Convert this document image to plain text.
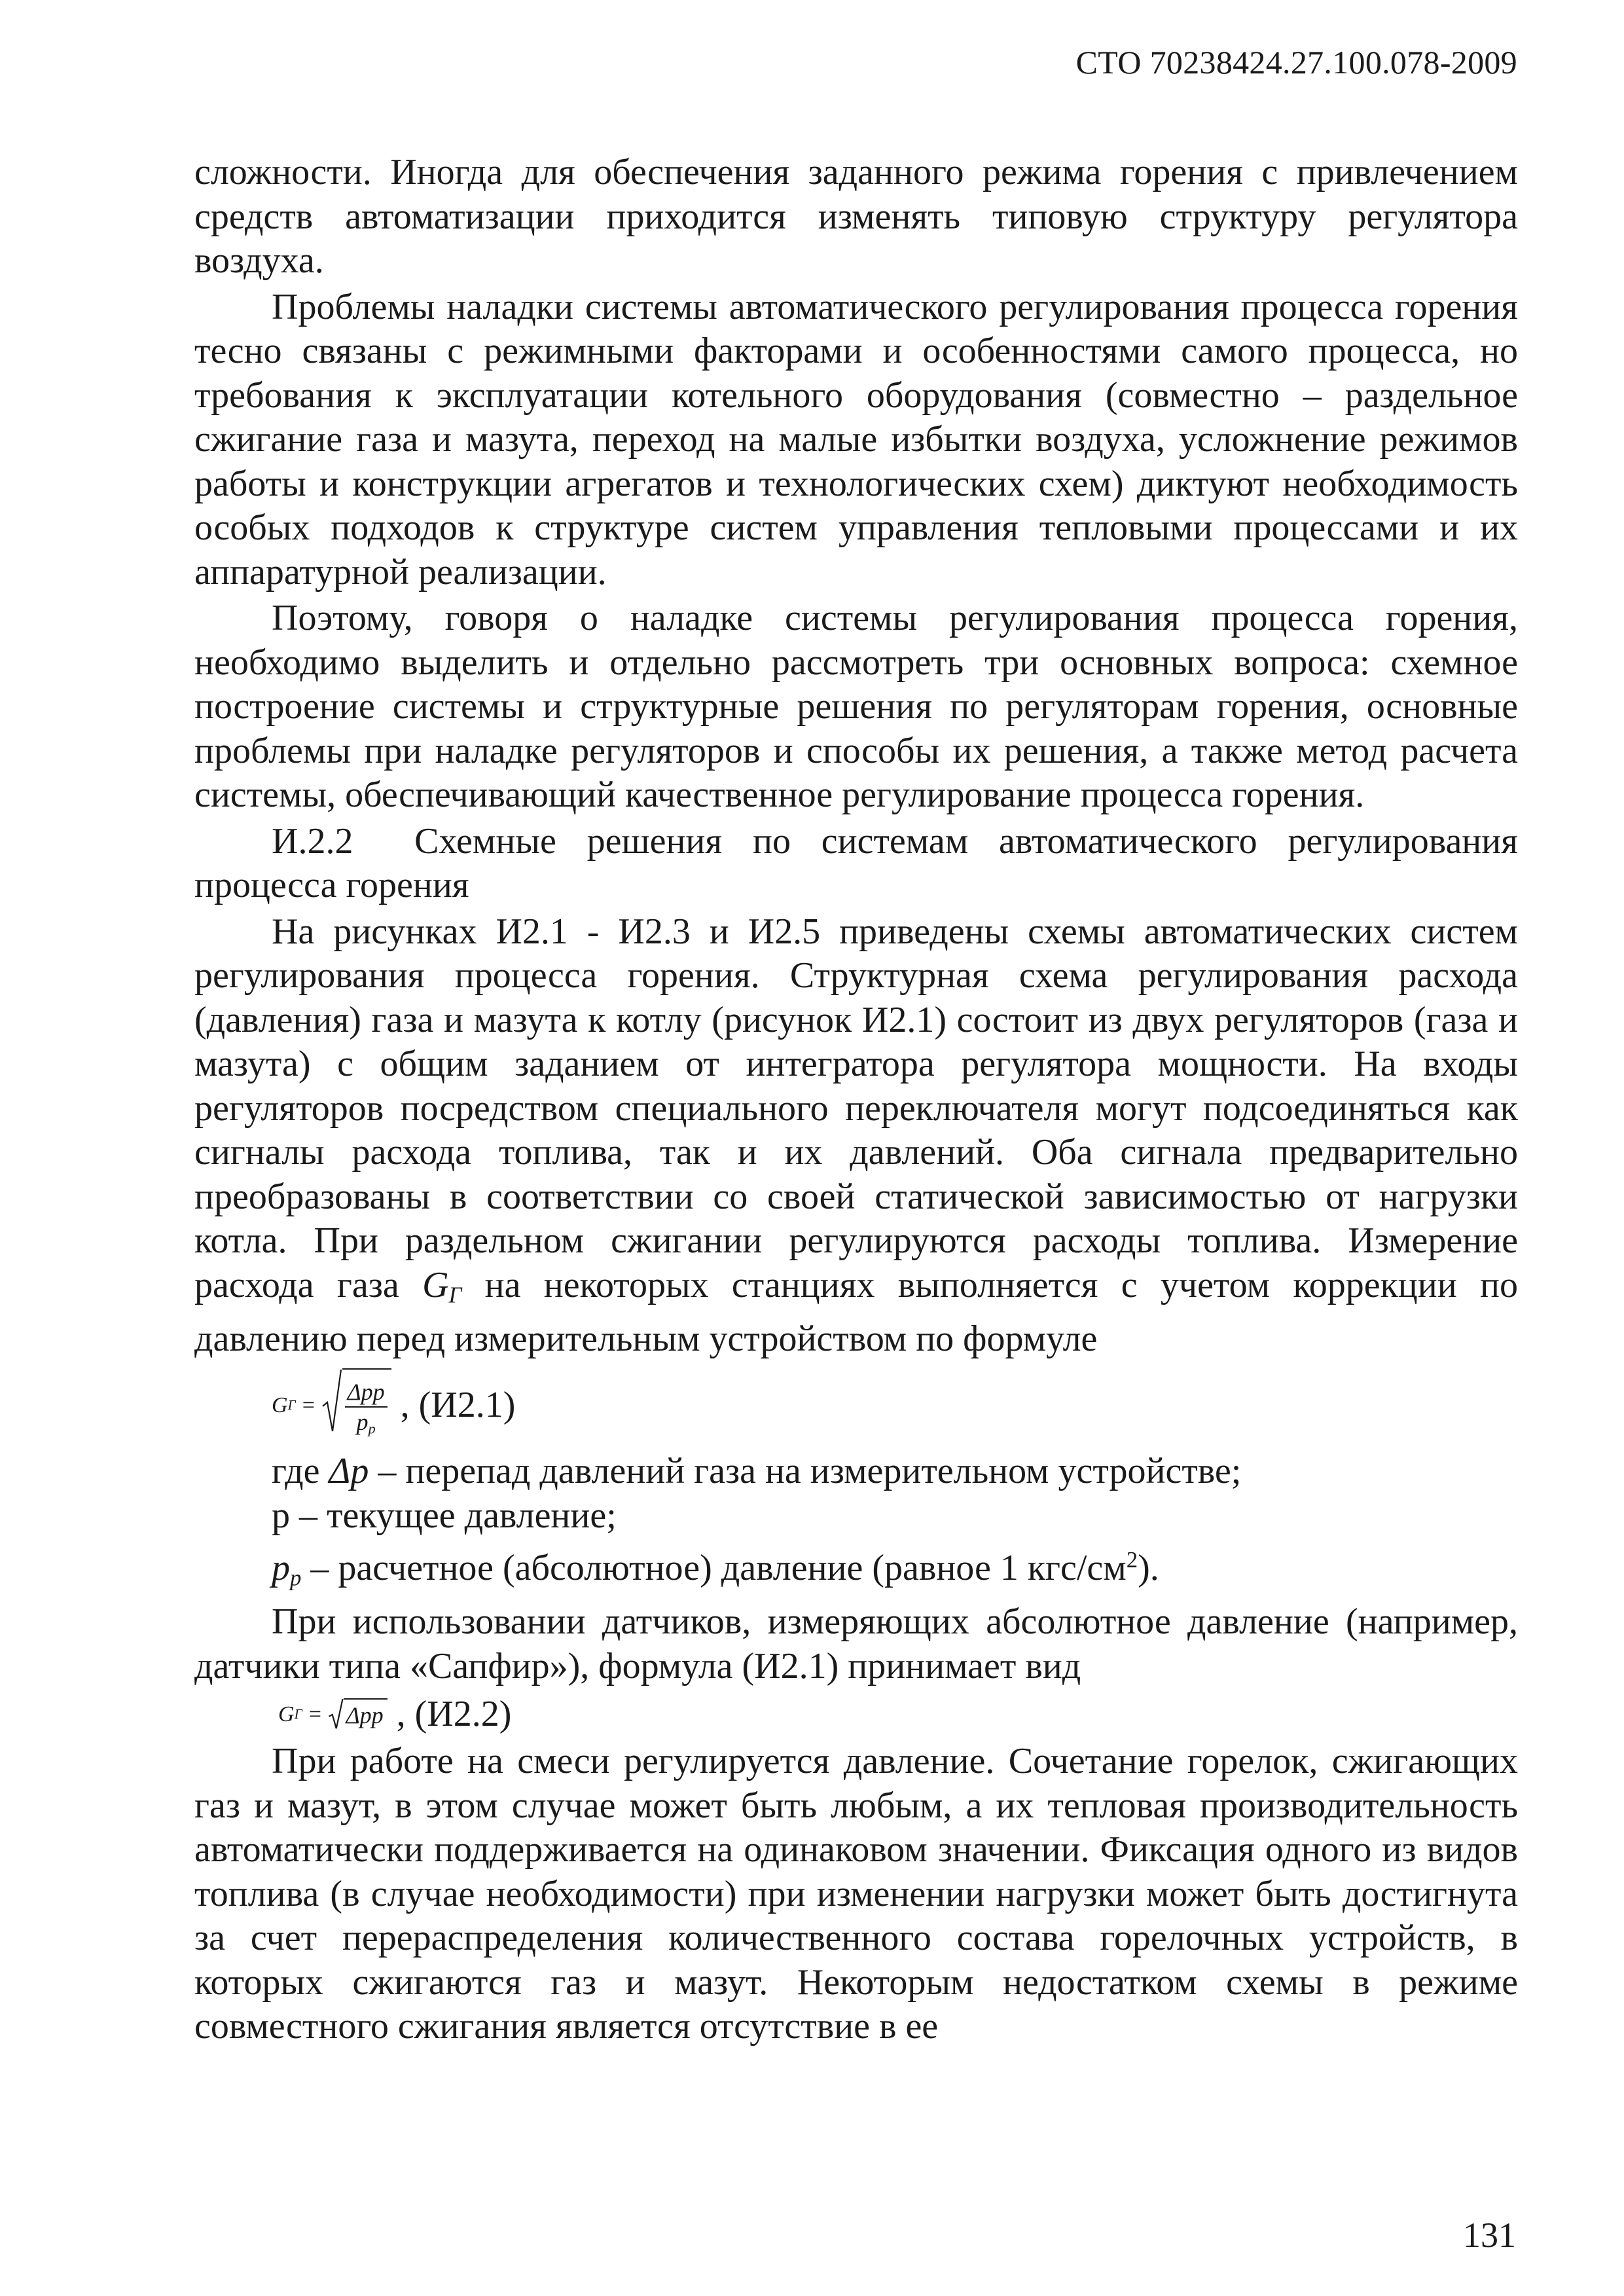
СТО 70238424.27.100.078-2009

сложности. Иногда для обеспечения заданного режима горения с привлечением средств автоматизации приходится изменять типовую структуру регулятора воздуха.

Проблемы наладки системы автоматического регулирования процесса горения тесно связаны с режимными факторами и особенностями самого процесса, но требования к эксплуатации котельного оборудования (совместно – раздельное сжигание газа и мазута, переход на малые избытки воздуха, усложнение режимов работы и конструкции агрегатов и технологических схем) диктуют необходимость особых подходов к структуре систем управления тепловыми процессами и их аппаратурной реализации.

Поэтому, говоря о наладке системы регулирования процесса горения, необходимо выделить и отдельно рассмотреть три основных вопроса: схемное построение системы и структурные решения по регуляторам горения, основные проблемы при наладке регуляторов и способы их решения, а также метод расчета системы, обеспечивающий качественное регулирование процесса горения.

И.2.2  Схемные решения по системам автоматического регулирования процесса горения

На рисунках И2.1 - И2.3 и И2.5 приведены схемы автоматических систем регулирования процесса горения. Структурная схема регулирования расхода (давления) газа и мазута к котлу (рисунок И2.1) состоит из двух регуляторов (газа и мазута) с общим заданием от интегратора регулятора мощности. На входы регуляторов посредством специального переключателя могут подсоединяться как сигналы расхода топлива, так и их давлений. Оба сигнала предварительно преобразованы в соответствии со своей статической зависимостью от нагрузки котла. При раздельном сжигании регулируются расходы топлива. Измерение расхода газа $G_Г$ на некоторых станциях выполняется с учетом коррекции по давлению перед измерительным устройством по формуле

G $Г = \frac{\text{Δpp}}{p_p}$ , (И2.1)
где Δp – перепад давлений газа на измерительном устройстве;
p – текущее давление;
$p_p$ – расчетное (абсолютное) давление (равное 1 кгс/$см^2$).

При использовании датчиков, измеряющих абсолютное давление (например, датчики типа «Сапфир»), формула (И2.1) принимает вид

G Г = Δpp , (И2.2)

При работе на смеси регулируется давление. Сочетание горелок, сжигающих газ и мазут, в этом случае может быть любым, а их тепловая производительность автоматически поддерживается на одинаковом значении. Фиксация одного из видов топлива (в случае необходимости) при изменении нагрузки может быть достигнута за счет перераспределения количественного состава горелочных устройств, в которых сжигаются газ и мазут. Некоторым недостатком схемы в режиме совместного сжигания является отсутствие в ее

131
